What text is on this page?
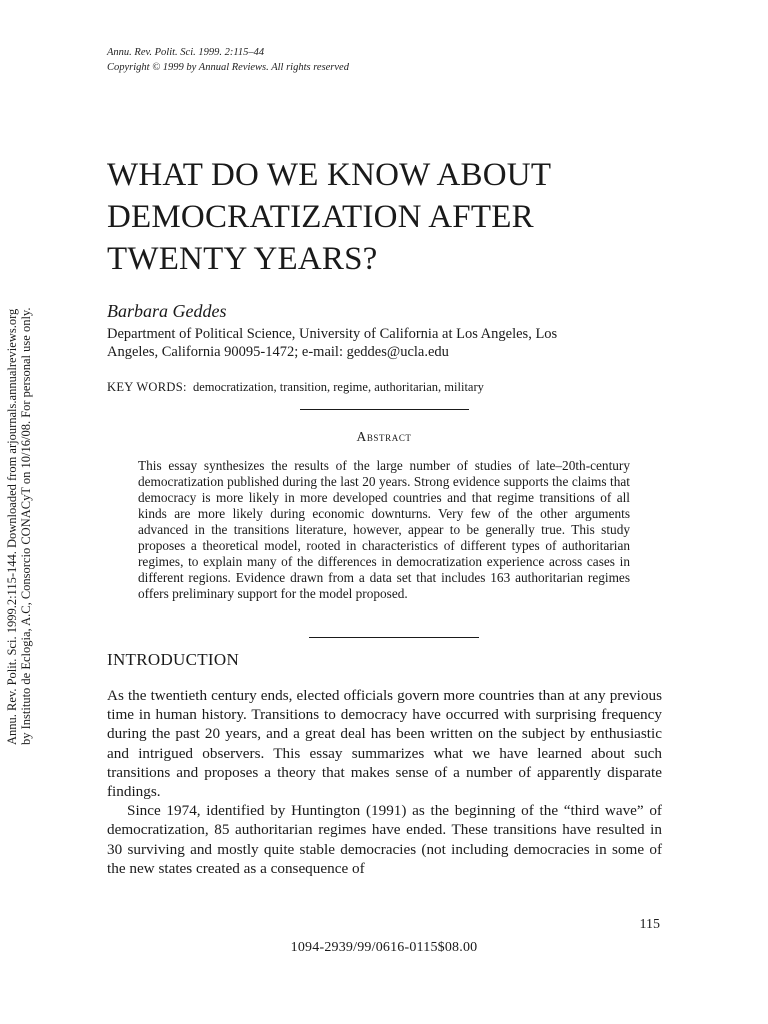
Annu. Rev. Polit. Sci. 1999. 2:115–44
Copyright © 1999 by Annual Reviews. All rights reserved
WHAT DO WE KNOW ABOUT
DEMOCRATIZATION AFTER
TWENTY YEARS?
Barbara Geddes
Department of Political Science, University of California at Los Angeles, Los
Angeles, California 90095-1472; e-mail: geddes@ucla.edu
KEY WORDS: democratization, transition, regime, authoritarian, military
Abstract
This essay synthesizes the results of the large number of studies of late–20th-century democratization published during the last 20 years. Strong evidence supports the claims that democracy is more likely in more developed countries and that regime transitions of all kinds are more likely during economic downturns. Very few of the other arguments advanced in the transitions literature, however, appear to be generally true. This study proposes a theoretical model, rooted in characteristics of different types of authoritarian regimes, to explain many of the differences in democratization experience across cases in different regions. Evidence drawn from a data set that includes 163 authoritarian regimes offers preliminary support for the model proposed.
INTRODUCTION

As the twentieth century ends, elected officials govern more countries than at any previous time in human history. Transitions to democracy have occurred with surprising frequency during the past 20 years, and a great deal has been written on the subject by enthusiastic and intrigued observers. This essay summarizes what we have learned about such transitions and proposes a theory that makes sense of a number of apparently disparate findings.

Since 1974, identified by Huntington (1991) as the beginning of the “third wave” of democratization, 85 authoritarian regimes have ended. These transitions have resulted in 30 surviving and mostly quite stable democracies (not including democracies in some of the new states created as a consequence of

115
1094-2939/99/0616-0115$08.00
Annu. Rev. Polit. Sci. 1999.2:115-144. Downloaded from arjournals.annualreviews.org by Instituto de Eclogia, A.C, Consorcio CONACyT on 10/16/08. For personal use only.
